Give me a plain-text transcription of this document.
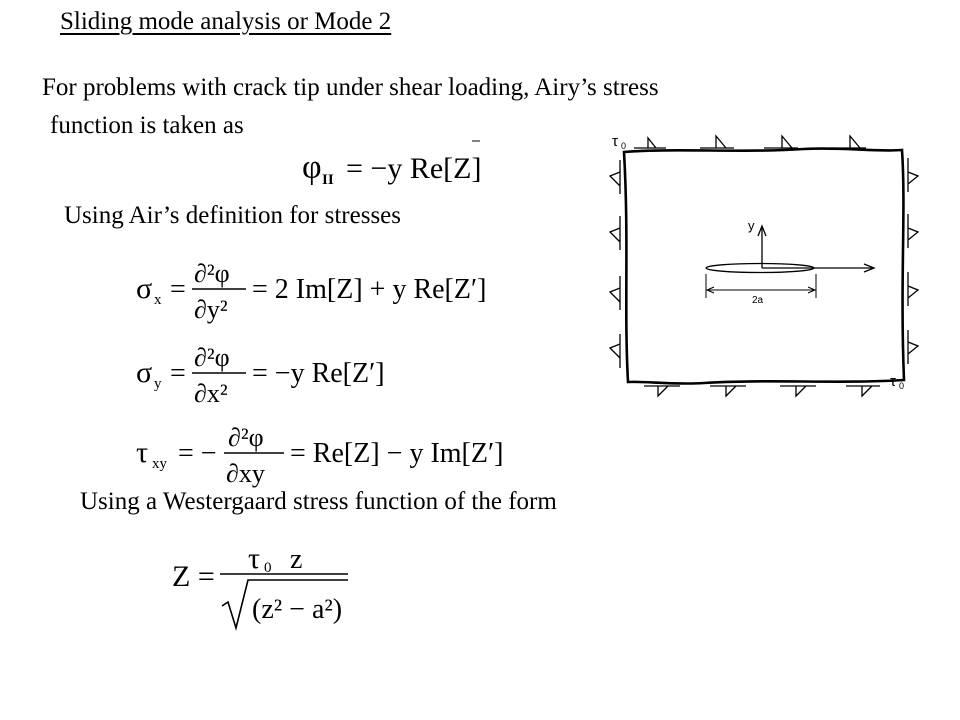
Sliding mode analysis or Mode 2
For problems with crack tip under shear loading, Airy’s stress
function is taken as
φ II = −y Re[Z]
Using Air’s definition for stresses
σ x =
∂²φ
∂y²
= 2 Im[Z] + y Re[Z′]
σ y =
∂²φ
∂x²
= −y Re[Z′]
τ xy = −
∂²φ
∂xy
= Re[Z] − y Im[Z′]
Using a Westergaard stress function of the form
Z =
τ 0 z
(z² − a²)
τ 0
τ 0
y
2a
